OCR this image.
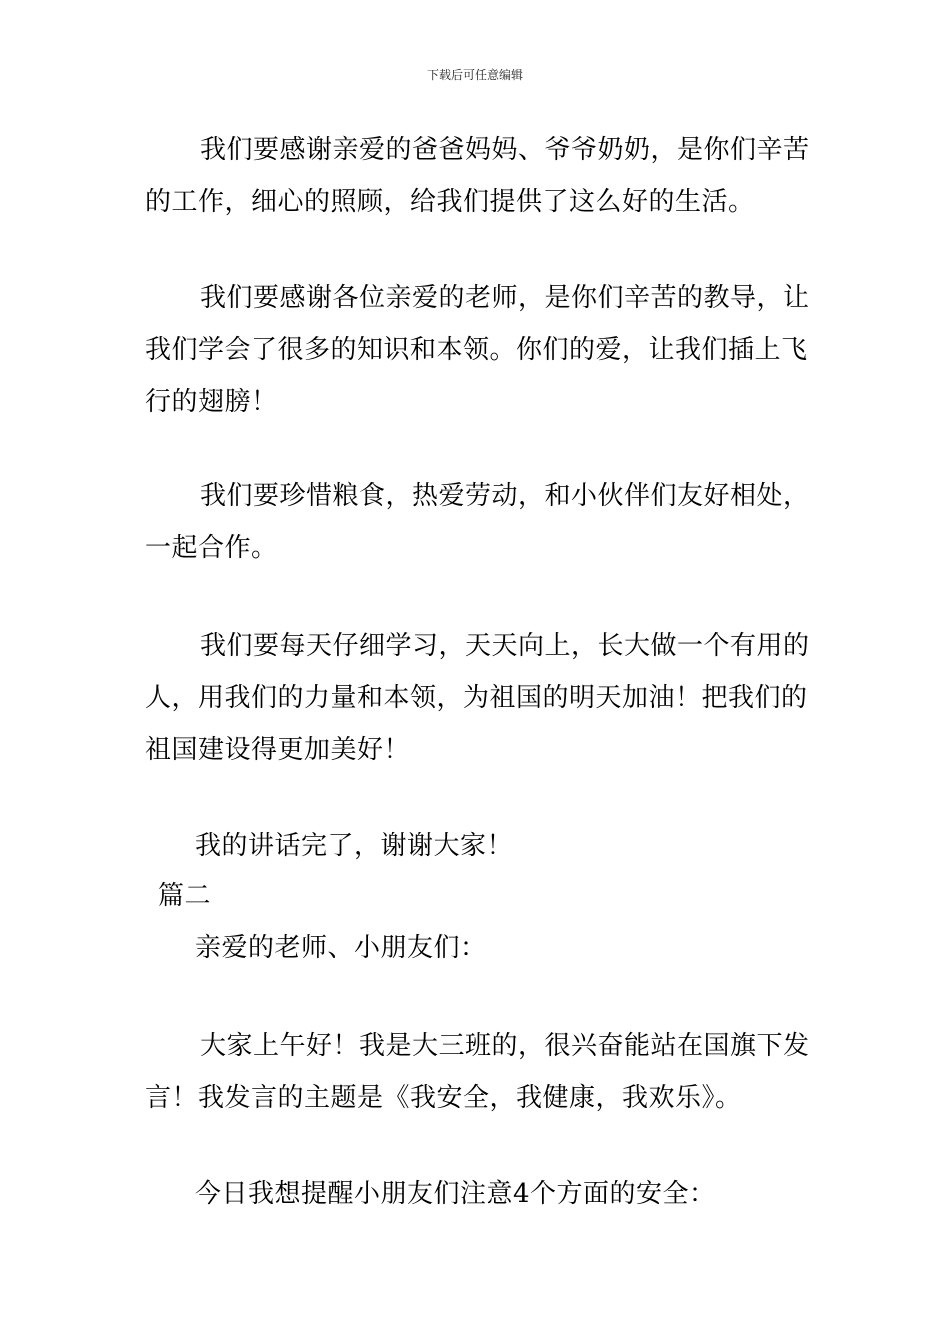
下载后可任意编辑

我们要感谢亲爱的爸爸妈妈、爷爷奶奶，是你们辛苦的工作，细心的照顾，给我们提供了这么好的生活。

我们要感谢各位亲爱的老师，是你们辛苦的教导，让我们学会了很多的知识和本领。你们的爱，让我们插上飞行的翅膀！

我们要珍惜粮食，热爱劳动，和小伙伴们友好相处，一起合作。

我们要每天仔细学习，天天向上，长大做一个有用的人，用我们的力量和本领，为祖国的明天加油！把我们的祖国建设得更加美好！

我的讲话完了，谢谢大家！

篇二

亲爱的老师、小朋友们：

大家上午好！我是大三班的，很兴奋能站在国旗下发言！我发言的主题是《我安全，我健康，我欢乐》。

今日我想提醒小朋友们注意4个方面的安全：
